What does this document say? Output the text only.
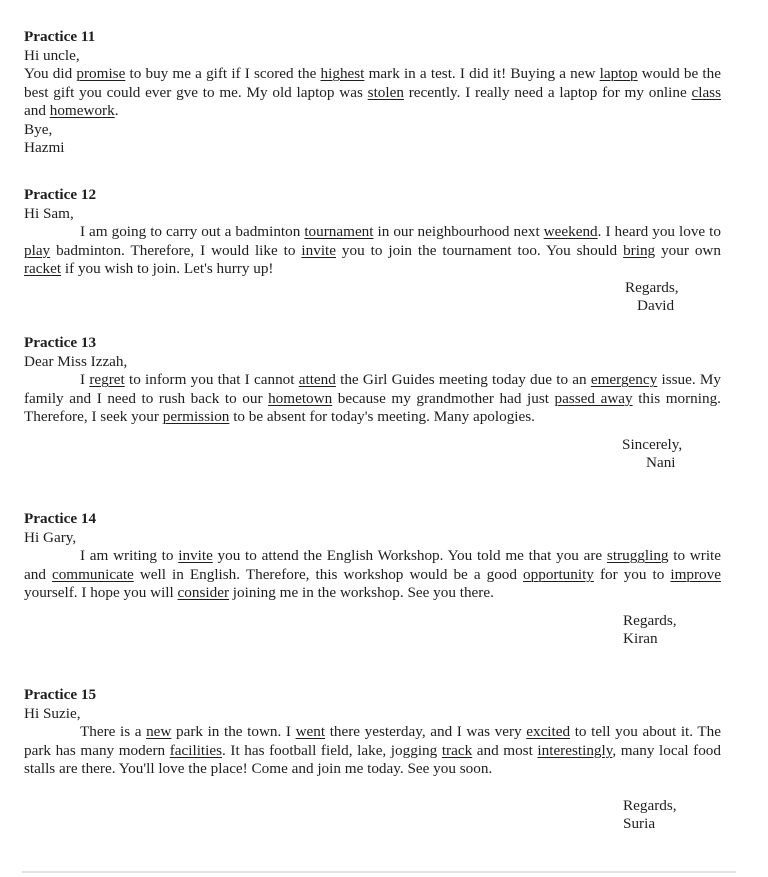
Practice 11
Hi uncle,
You did promise to buy me a gift if I scored the highest mark in a test. I did it! Buying a new laptop would be the best gift you could ever gve to me. My old laptop was stolen recently. I really need a laptop for my online class and homework.
Bye,
Hazmi
Practice 12
Hi Sam,
I am going to carry out a badminton tournament in our neighbourhood next weekend. I heard you love to play badminton. Therefore, I would like to invite you to join the tournament too. You should bring your own racket if you wish to join. Let's hurry up!
Regards,
David
Practice 13
Dear Miss Izzah,
I regret to inform you that I cannot attend the Girl Guides meeting today due to an emergency issue. My family and I need to rush back to our hometown because my grandmother had just passed away this morning. Therefore, I seek your permission to be absent for today's meeting. Many apologies.
Sincerely,
Nani
Practice 14
Hi Gary,
I am writing to invite you to attend the English Workshop. You told me that you are struggling to write and communicate well in English. Therefore, this workshop would be a good opportunity for you to improve yourself. I hope you will consider joining me in the workshop. See you there.
Regards,
Kiran
Practice 15
Hi Suzie,
There is a new park in the town. I went there yesterday, and I was very excited to tell you about it. The park has many modern facilities. It has football field, lake, jogging track and most interestingly, many local food stalls are there. You'll love the place! Come and join me today. See you soon.
Regards,
Suria
